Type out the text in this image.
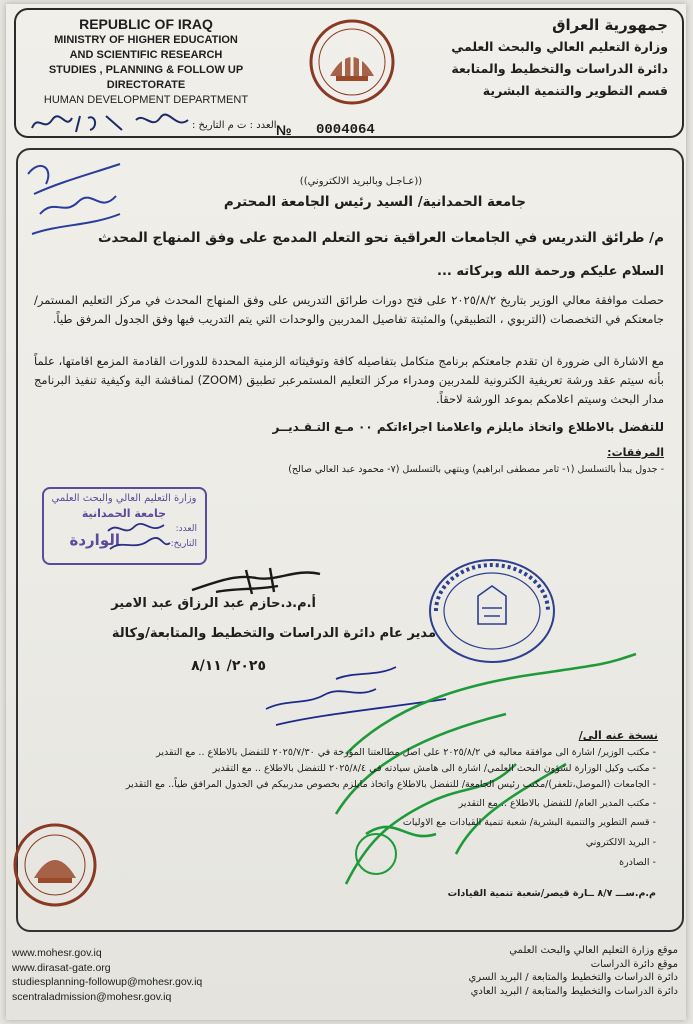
REPUBLIC OF IRAQ
MINISTRY OF HIGHER EDUCATION
AND SCIENTIFIC RESEARCH
STUDIES , PLANNING & FOLLOW UP DIRECTORATE
HUMAN DEVELOPMENT DEPARTMENT
جمهورية العراق
وزارة التعليم العالي والبحث العلمي
دائرة الدراسات والتخطيط والمتابعة
قسم التطوير والتنمية البشرية
العدد : ت م التاريخ : № 0004064
((عـاجـل وبالبريد الالكتروني))
جامعة الحمدانية/ السيد رئيس الجامعة المحترم
م/ طرائق التدريس في الجامعات العراقية نحو التعلم المدمج على وفق المنهاج المحدث
السلام عليكم ورحمة الله وبركاته ...
حصلت موافقة معالي الوزير بتاريخ ٢٠٢٥/٨/٢ على فتح دورات طرائق التدريس على وفق المنهاج المحدث في مركز التعليم المستمر/ جامعتكم في التخصصات (التربوي ، التطبيقي) والمثبتة تفاصيل المدربين والوحدات التي يتم التدريب فيها وفق الجدول المرفق طياً.
مع الاشارة الى ضرورة ان تقدم جامعتكم برنامج متكامل بتفاصيله كافة وتوقيتاته الزمنية المحددة للدورات القادمة المزمع اقامتها، علماً بأنه سيتم عقد ورشة تعريفية الكترونية للمدربين ومدراء مركز التعليم المستمرعبر تطبيق (ZOOM) لمناقشة الية وكيفية تنفيذ البرنامج مدار البحث وسيتم اعلامكم بموعد الورشة لاحقاً.
للتفضل بالاطلاع واتخاذ مايلزم واعلامنا اجراءاتكم ٠٠ مـع التـقـديــر
المرفقات:
- جدول يبدأ بالتسلسل (١- ثامر مصطفى ابراهيم) وينتهي بالتسلسل (٧- محمود عبد العالي صالح)
وزارة التعليم العالي والبحث العلمي
جامعة الحمدانية
العدد:
التاريخ:
الواردة
أ.م.د.حازم عبد الرزاق عبد الامير
مدير عام دائرة الدراسات والتخطيط والمتابعة/وكالة
٢٠٢٥/ ٨/١١
نسخة عنه الى/
- مكتب الوزير/ اشارة الى موافقة معاليه في ٢٠٢٥/٨/٢ على اصل مطالعتنا المؤرخة في ٢٠٢٥/٧/٣٠ للتفضل بالاطلاع .. مع التقدير
- مكتب وكيل الوزارة لشؤون البحث العلمي/ اشارة الى هامش سيادته في ٢٠٢٥/٨/٤ للتفضل بالاطلاع .. مع التقدير
- الجامعات (الموصل،تلعفر)/مكتب رئيس الجامعة/ للتفضل بالاطلاع واتخاذ مايلزم بخصوص مدربيكم في الجدول المرافق طياً.. مع التقدير
- مكتب المدير العام/ للتفضل بالاطلاع .. مع التقدير
- قسم التطوير والتنمية البشرية/ شعبة تنمية القيادات مع الاوليات
- البريد الالكتروني
- الصادرة
م.م.ســـ ٨/٧ ــارة قيصر/شعبة تنمية القيادات
www.mohesr.gov.iq
www.dirasat-gate.org
studiesplanning-followup@mohesr.gov.iq
scentraladmission@mohesr.gov.iq
موقع وزارة التعليم العالي والبحث العلمي
موقع دائرة الدراسات
دائرة الدراسات والتخطيط والمتابعة / البريد السري
دائرة الدراسات والتخطيط والمتابعة / البريد العادي
